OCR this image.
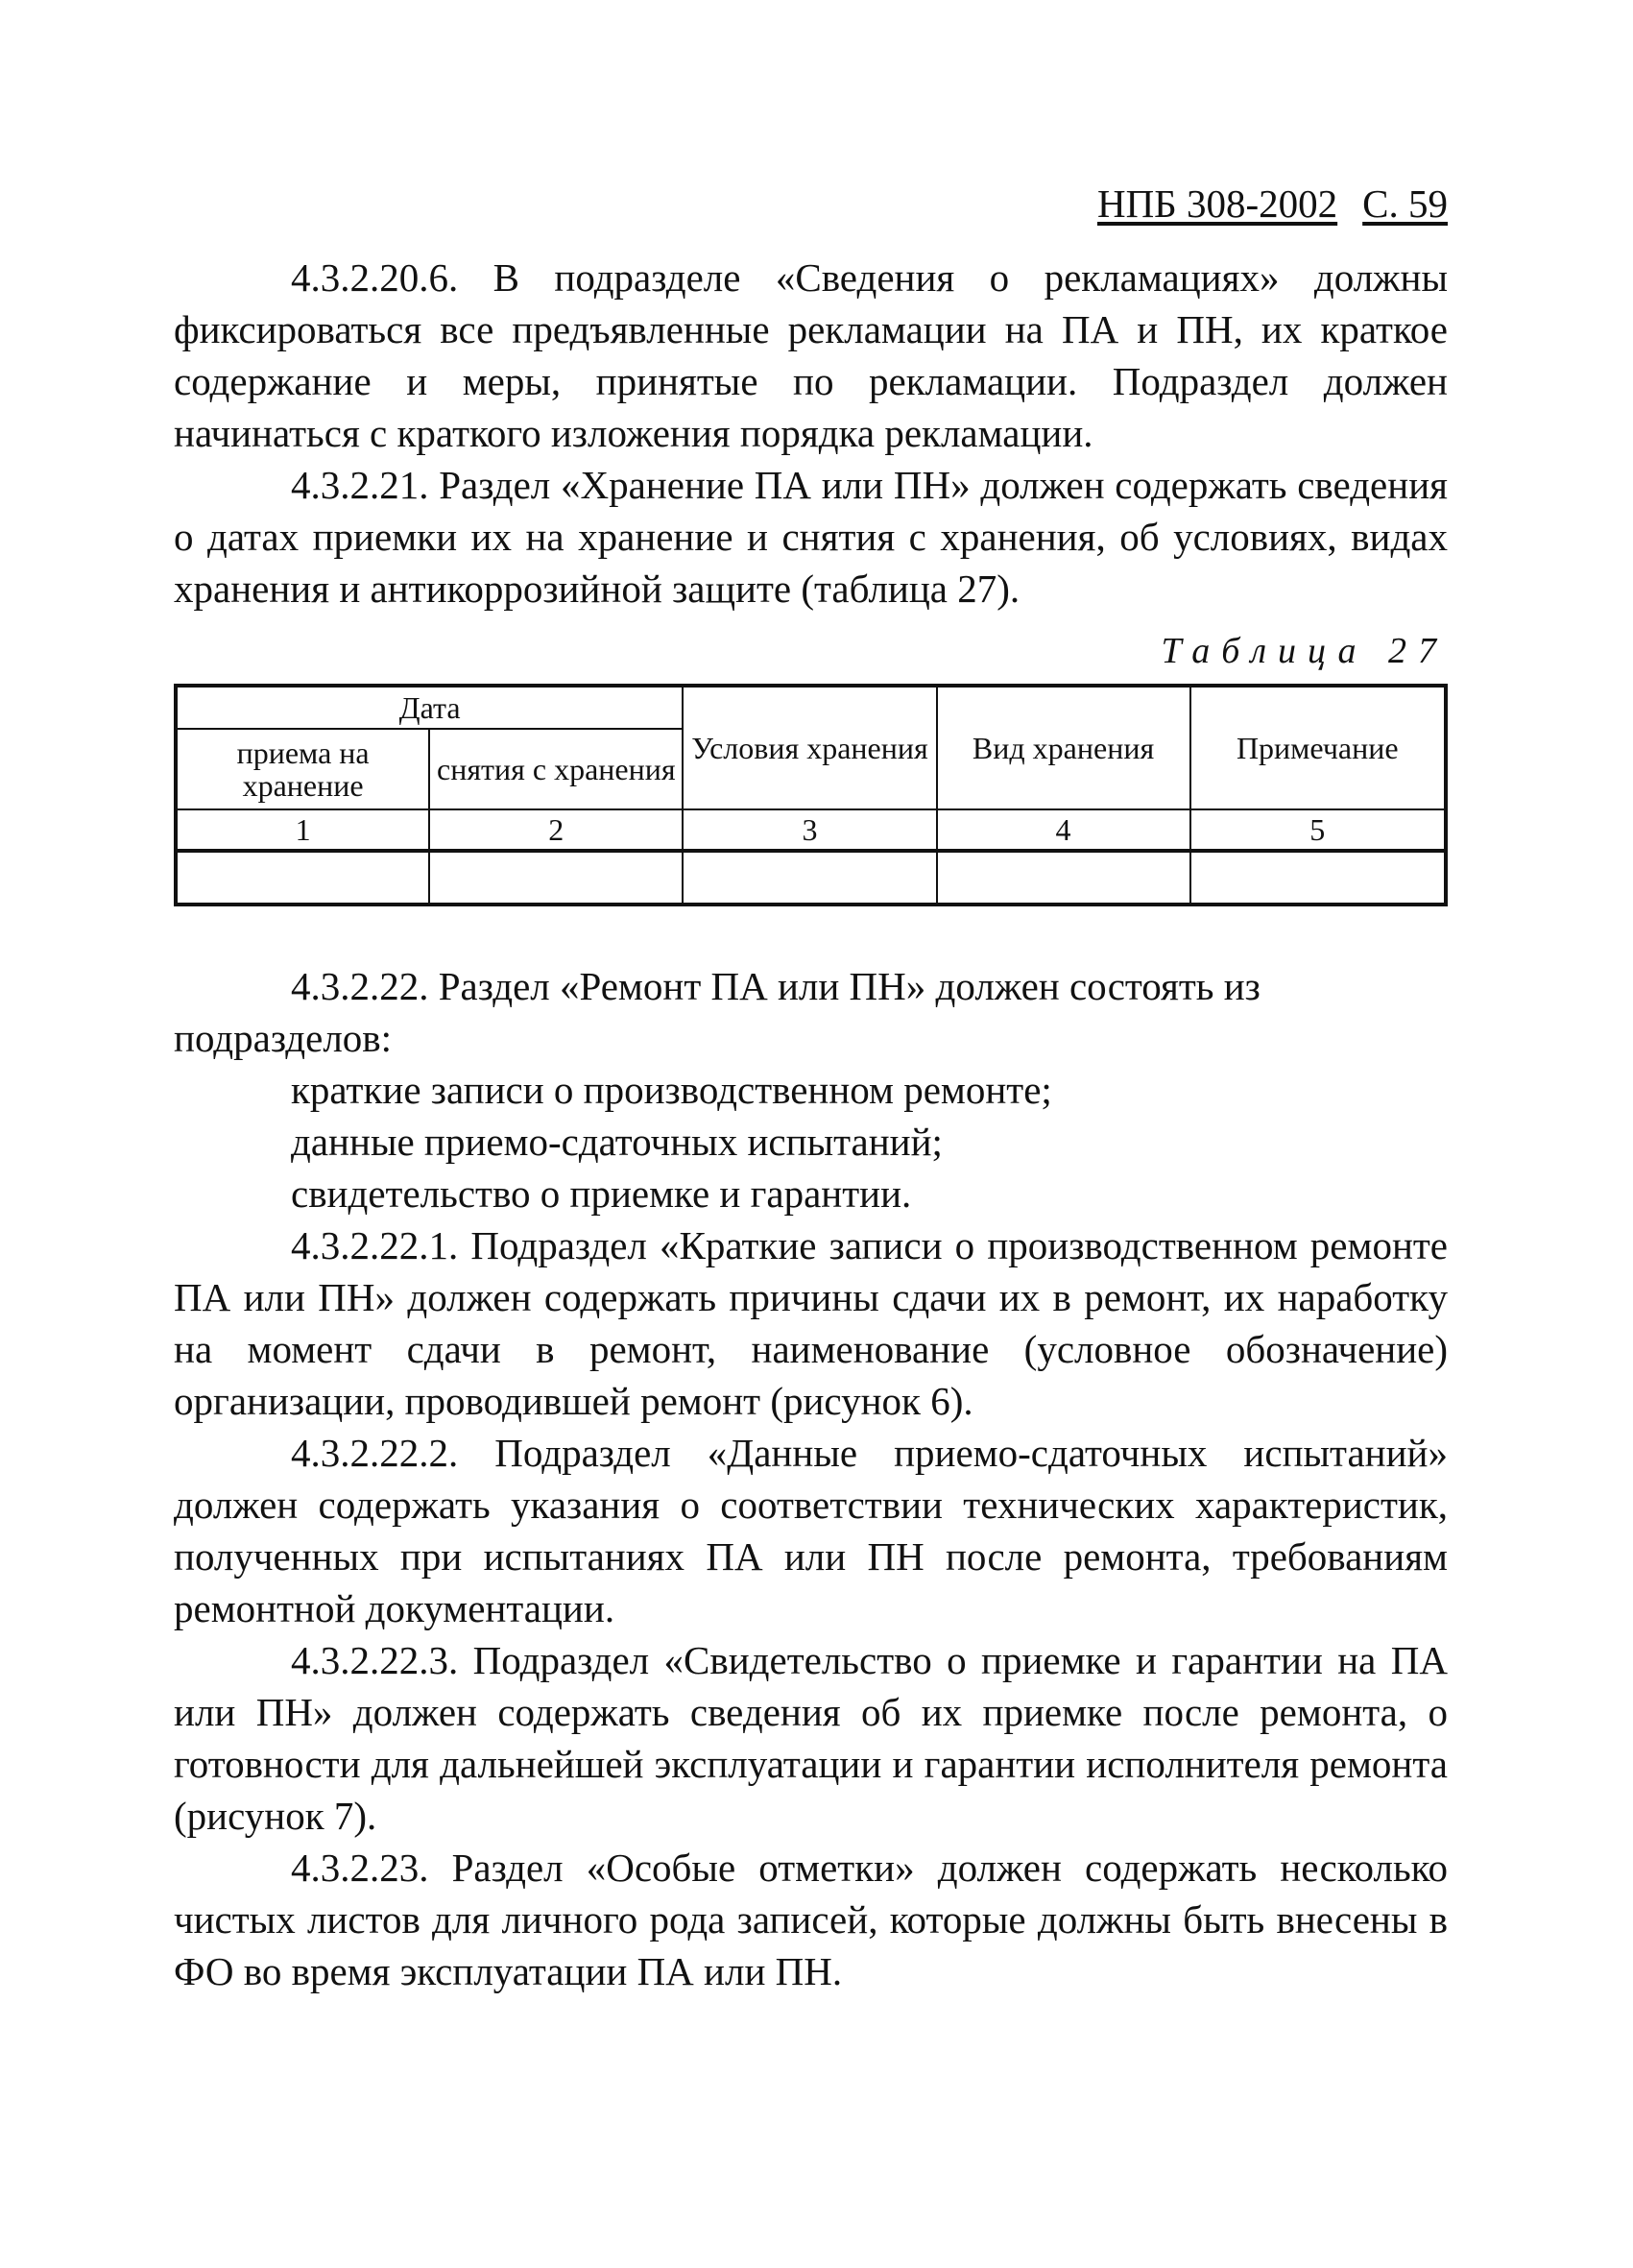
НПБ 308-2002 С. 59

4.3.2.20.6. В подразделе «Сведения о рекламациях» должны фиксироваться все предъявленные рекламации на ПА и ПН, их краткое содержание и меры, принятые по рекламации. Подраздел должен начинаться с краткого изложения порядка рекламации.

4.3.2.21. Раздел «Хранение ПА или ПН» должен содержать сведения о датах приемки их на хранение и снятия с хранения, об условиях, видах хранения и антикоррозийной защите (таблица 27).

Таблица 27
Дата		Условия хранения	Вид хранения	Примечание
приема на хранение	снятия с хранения			
1	2	3	4	5

4.3.2.22. Раздел «Ремонт ПА или ПН» должен состоять из подразделов:

краткие записи о производственном ремонте;
данные приемо-сдаточных испытаний;
свидетельство о приемке и гарантии.

4.3.2.22.1. Подраздел «Краткие записи о производственном ремонте ПА или ПН» должен содержать причины сдачи их в ремонт, их наработку на момент сдачи в ремонт, наименование (условное обозначение) организации, проводившей ремонт (рисунок 6).

4.3.2.22.2. Подраздел «Данные приемо-сдаточных испытаний» должен содержать указания о соответствии технических характеристик, полученных при испытаниях ПА или ПН после ремонта, требованиям ремонтной документации.

4.3.2.22.3. Подраздел «Свидетельство о приемке и гарантии на ПА или ПН» должен содержать сведения об их приемке после ремонта, о готовности для дальнейшей эксплуатации и гарантии исполнителя ремонта (рисунок 7).

4.3.2.23. Раздел «Особые отметки» должен содержать несколько чистых листов для личного рода записей, которые должны быть внесены в ФО во время эксплуатации ПА или ПН.
